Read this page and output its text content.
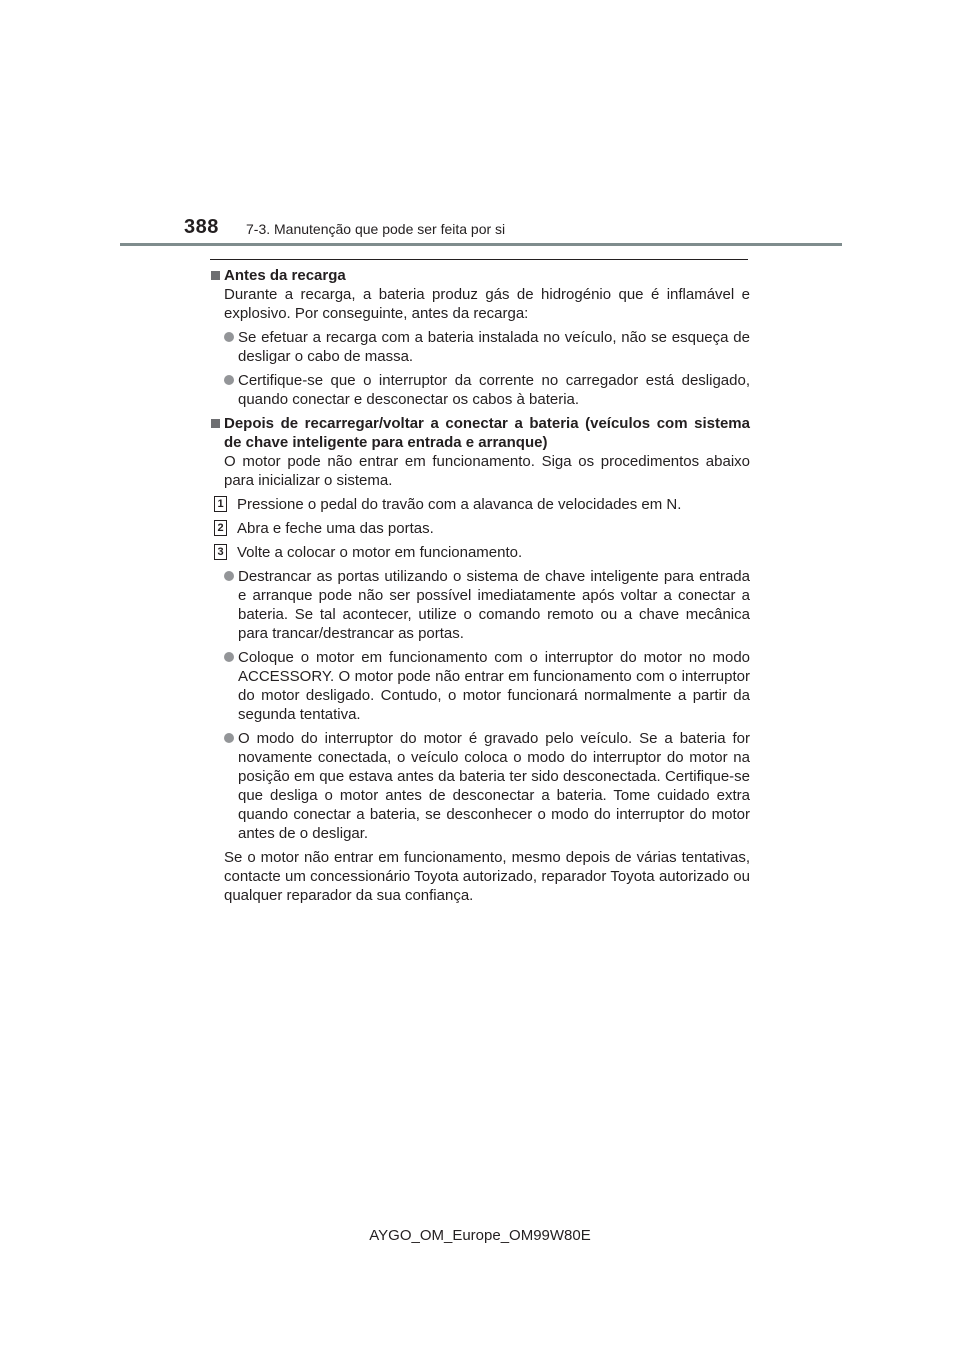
388 7-3. Manutenção que pode ser feita por si
Antes da recarga
Durante a recarga, a bateria produz gás de hidrogénio que é inflamável e explosivo. Por conseguinte, antes da recarga:
Se efetuar a recarga com a bateria instalada no veículo, não se esqueça de desligar o cabo de massa.
Certifique-se que o interruptor da corrente no carregador está desligado, quando conectar e desconectar os cabos à bateria.
Depois de recarregar/voltar a conectar a bateria (veículos com sistema de chave inteligente para entrada e arranque)
O motor pode não entrar em funcionamento. Siga os procedimentos abaixo para inicializar o sistema.
1 Pressione o pedal do travão com a alavanca de velocidades em N.
2 Abra e feche uma das portas.
3 Volte a colocar o motor em funcionamento.
Destrancar as portas utilizando o sistema de chave inteligente para entrada e arranque pode não ser possível imediatamente após voltar a conectar a bateria. Se tal acontecer, utilize o comando remoto ou a chave mecânica para trancar/destrancar as portas.
Coloque o motor em funcionamento com o interruptor do motor no modo ACCESSORY. O motor pode não entrar em funcionamento com o interruptor do motor desligado. Contudo, o motor funcionará normalmente a partir da segunda tentativa.
O modo do interruptor do motor é gravado pelo veículo. Se a bateria for novamente conectada, o veículo coloca o modo do interruptor do motor na posição em que estava antes da bateria ter sido desconectada. Certifique-se que desliga o motor antes de desconectar a bateria. Tome cuidado extra quando conectar a bateria, se desconhecer o modo do interruptor do motor antes de o desligar.
Se o motor não entrar em funcionamento, mesmo depois de várias tentativas, contacte um concessionário Toyota autorizado, reparador Toyota autorizado ou qualquer reparador da sua confiança.
AYGO_OM_Europe_OM99W80E
